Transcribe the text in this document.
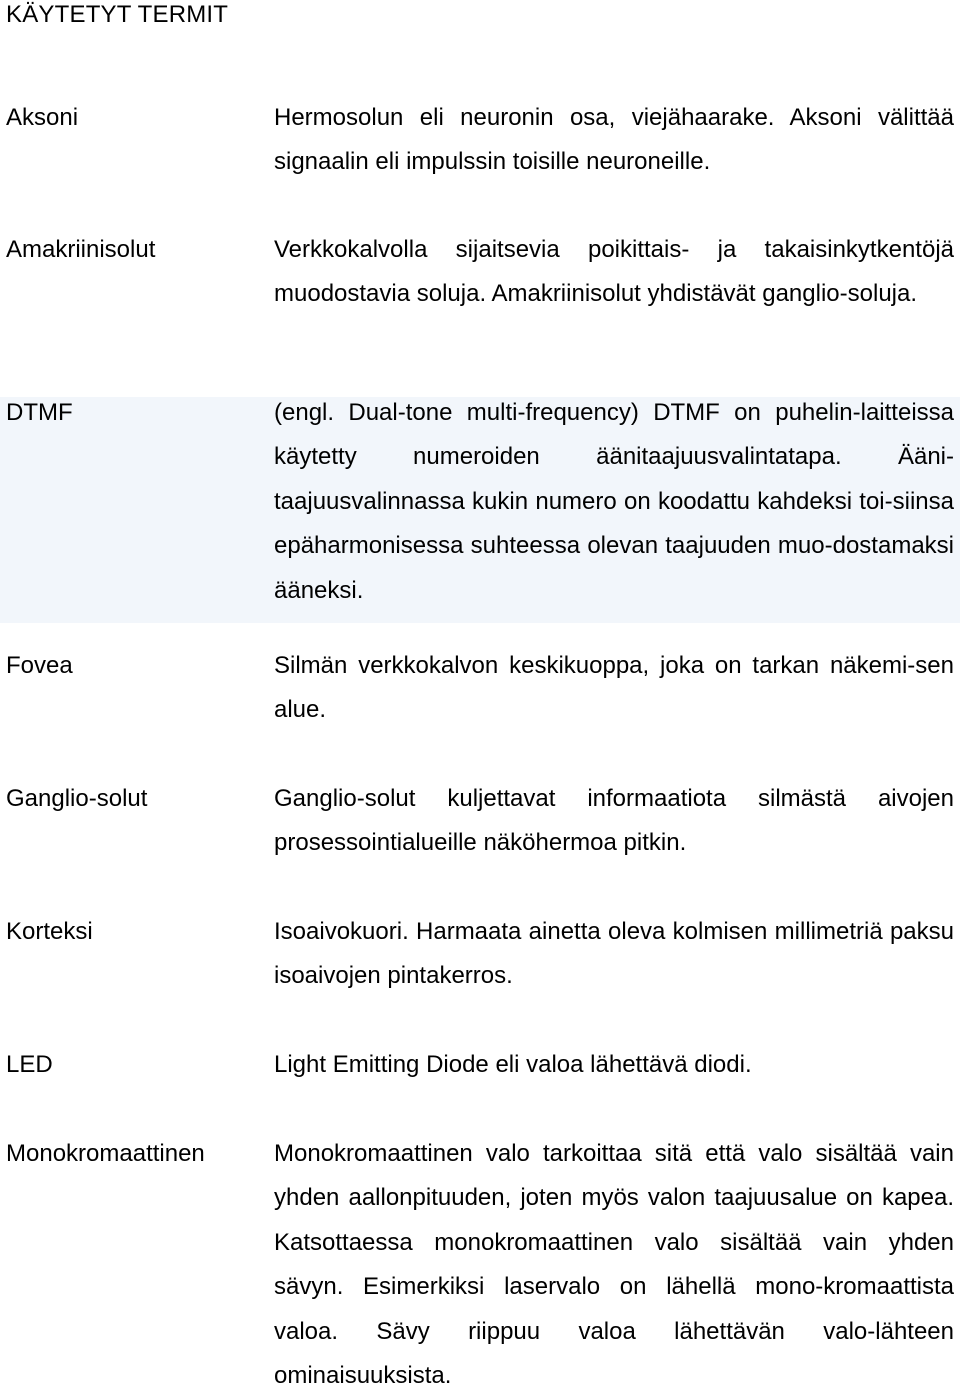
KÄYTETYT TERMIT
Aksoni	Hermosolun eli neuronin osa, viejähaarake. Aksoni välittää signaalin eli impulssin toisille neuroneille.
Amakriinisolut	Verkkokalvolla sijaitsevia poikittais- ja takaisinkytkentöjä muodostavia soluja. Amakriinisolut yhdistävät ganglio-soluja.
DTMF	(engl. Dual-tone multi-frequency) DTMF on puhelin-laitteissa käytetty numeroiden äänitaajuusvalintatapa. Ääni-taajuusvalinnassa kukin numero on koodattu kahdeksi toi-siinsa epäharmonisessa suhteessa olevan taajuuden muo-dostamaksi ääneksi.
Fovea	Silmän verkkokalvon keskikuoppa, joka on tarkan näkemi-sen alue.
Ganglio-solut	Ganglio-solut kuljettavat informaatiota silmästä aivojen prosessointialueille näköhermoa pitkin.
Korteksi	Isoaivokuori. Harmaata ainetta oleva kolmisen millimetriä paksu isoaivojen pintakerros.
LED	Light Emitting Diode eli valoa lähettävä diodi.
Monokromaattinen	Monokromaattinen valo tarkoittaa sitä että valo sisältää vain yhden aallonpituuden, joten myös valon taajuusalue on kapea. Katsottaessa monokromaattinen valo sisältää vain yhden sävyn. Esimerkiksi laservalo on lähellä mono-kromaattista valoa. Sävy riippuu valoa lähettävän valo-lähteen ominaisuuksista.
